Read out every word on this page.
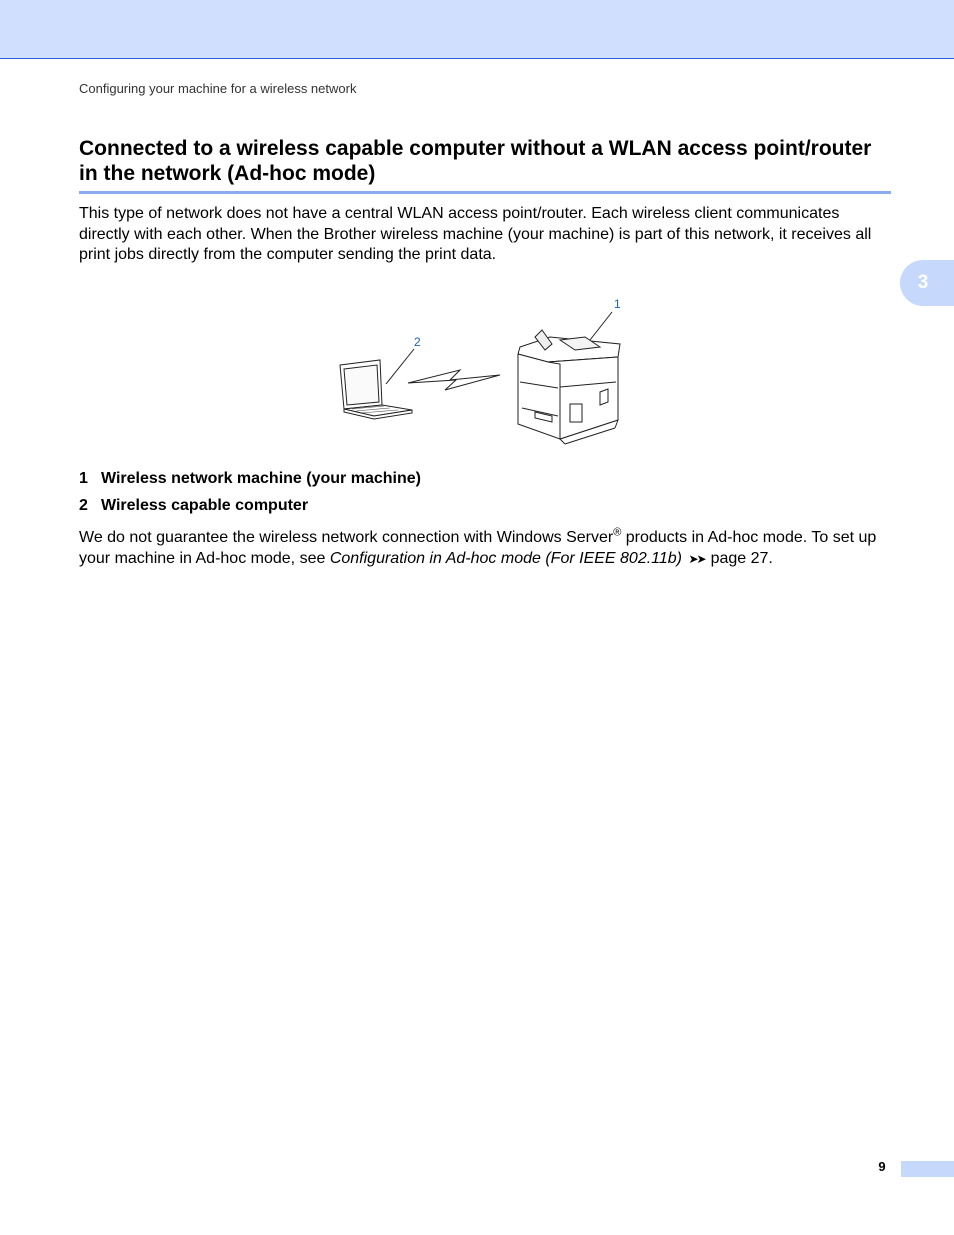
Configuring your machine for a wireless network
Connected to a wireless capable computer without a WLAN access point/router in the network (Ad-hoc mode)

This type of network does not have a central WLAN access point/router. Each wireless client communicates directly with each other. When the Brother wireless machine (your machine) is part of this network, it receives all print jobs directly from the computer sending the print data.

3
1
2
1 Wireless network machine (your machine)
2 Wireless capable computer

We do not guarantee the wireless network connection with Windows Server® products in Ad-hoc mode. To set up your machine in Ad-hoc mode, see Configuration in Ad-hoc mode (For IEEE 802.11b) ➤➤ page 27.

9
